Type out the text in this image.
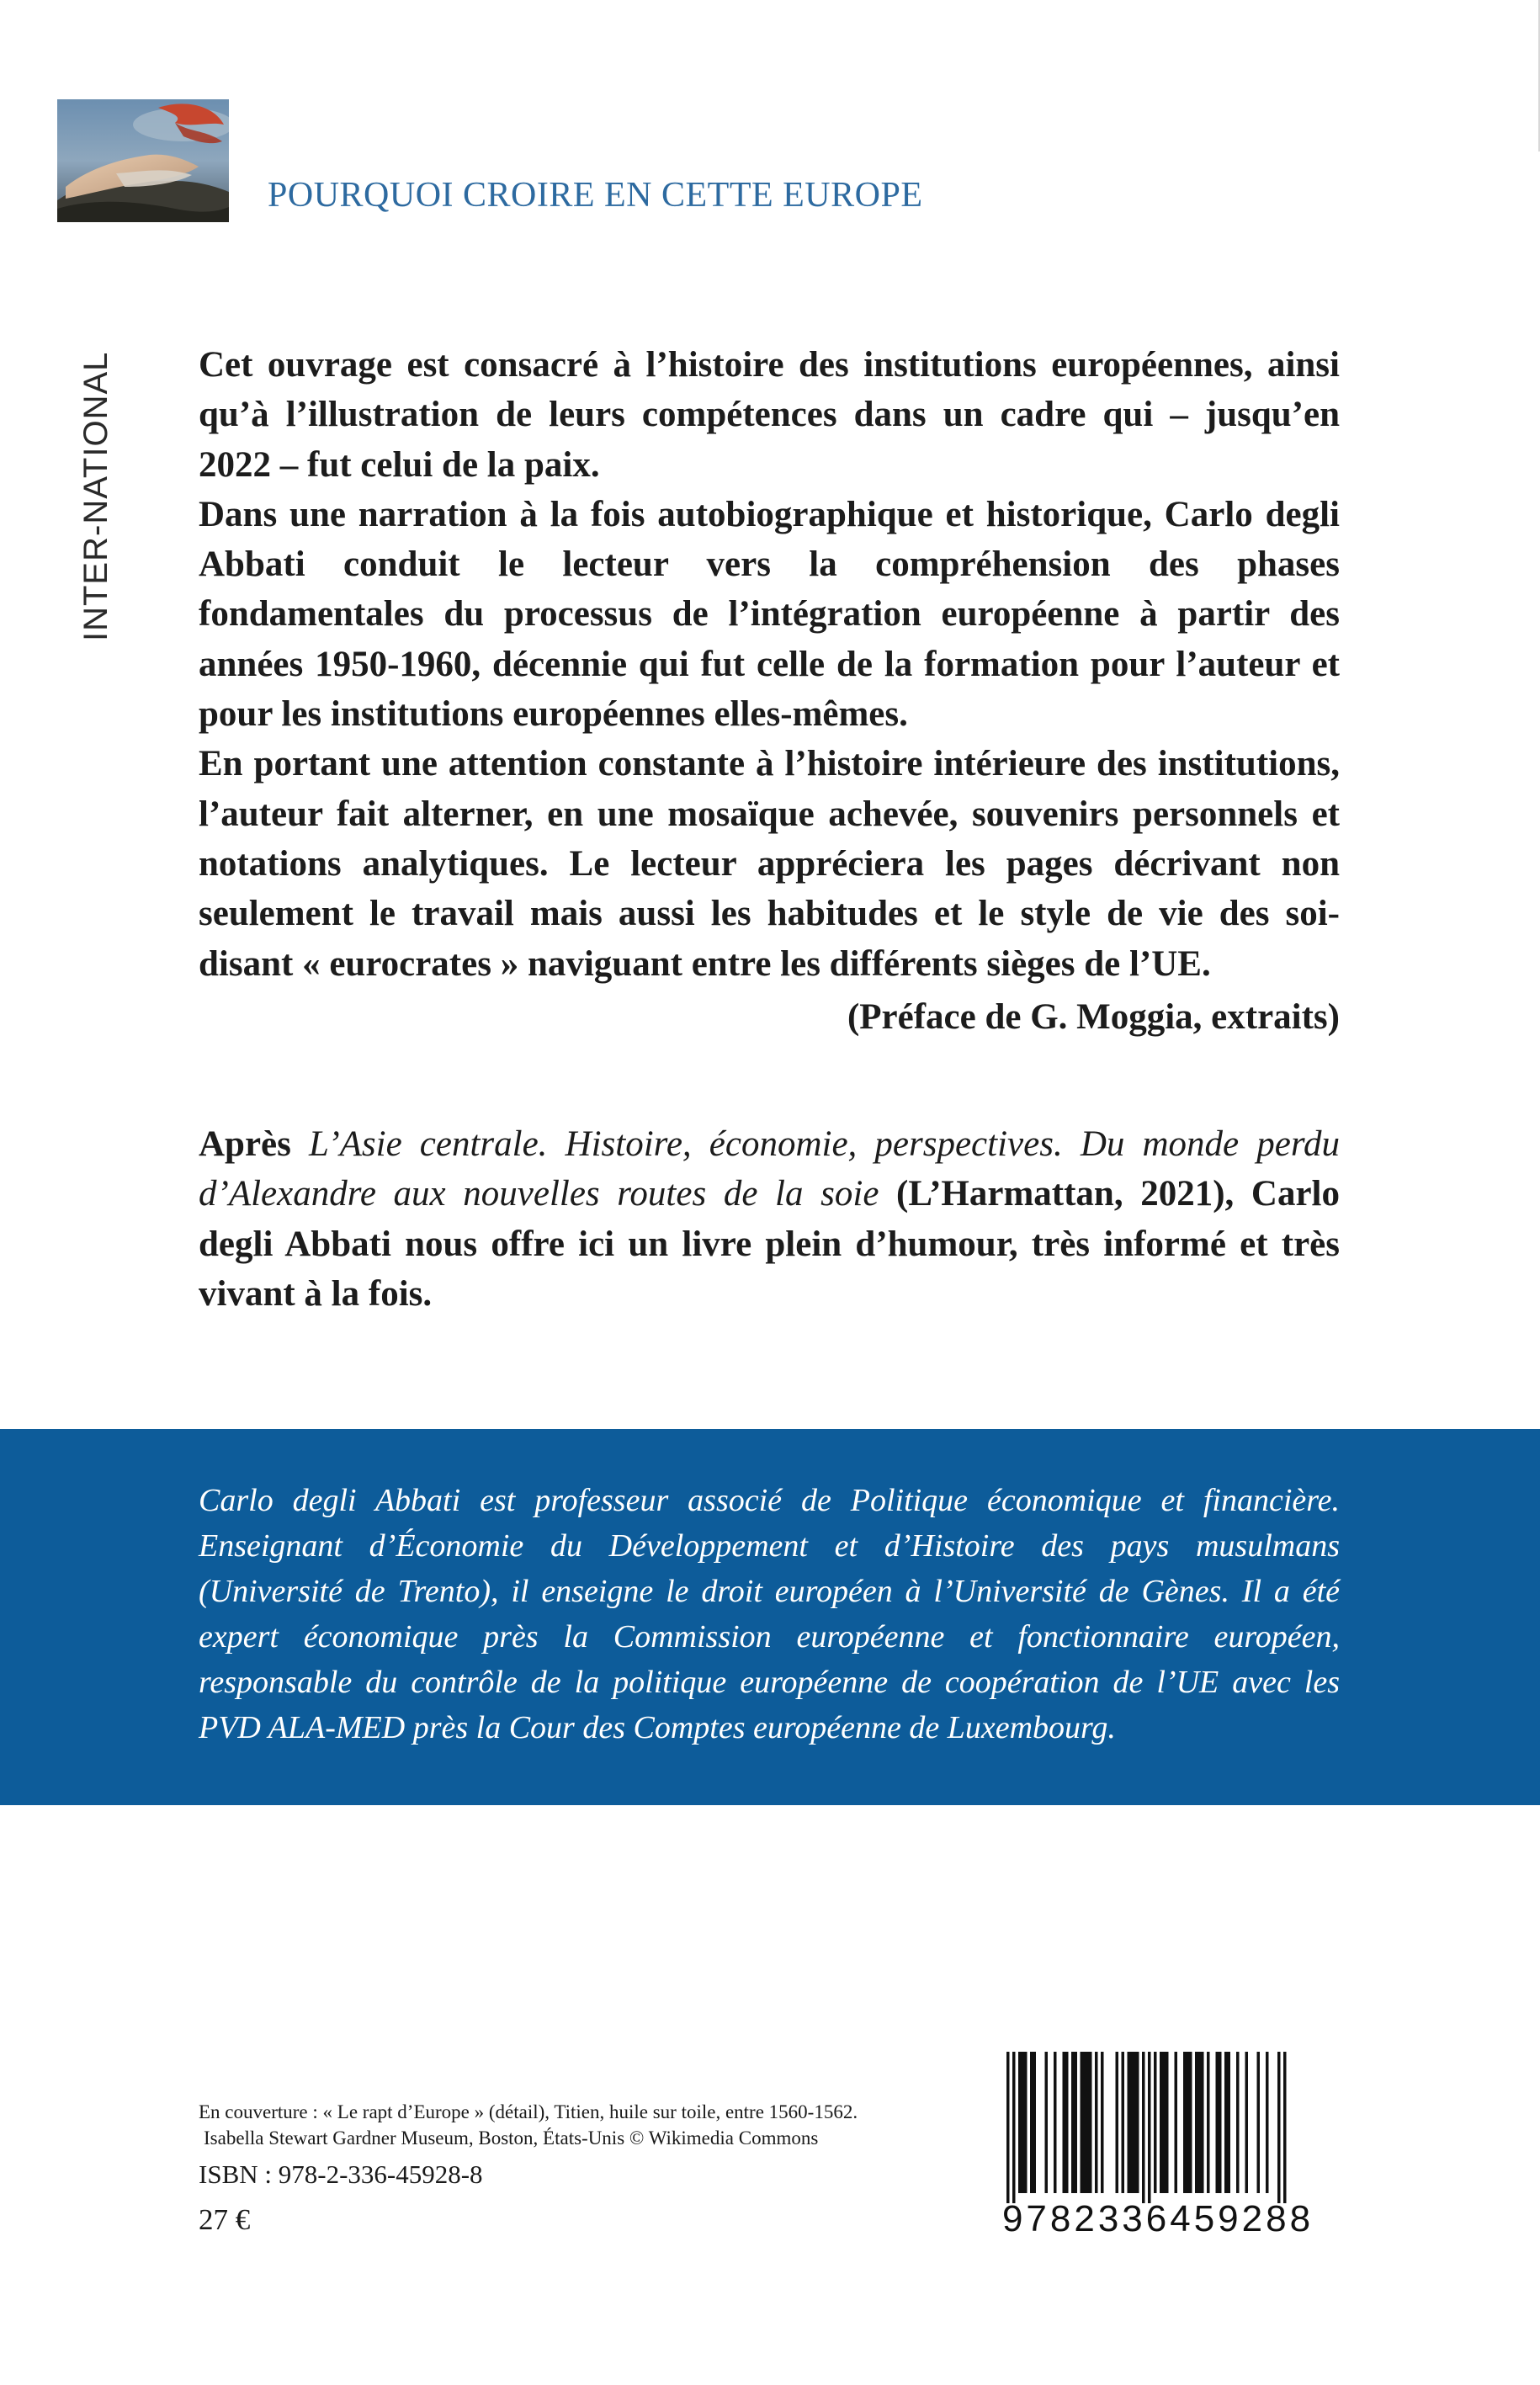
POURQUOI CROIRE EN CETTE EUROPE
INTER-NATIONAL Cet ouvrage est consacré à l’histoire des institutions européennes, ainsi qu’à l’illustration de leurs compétences dans un cadre qui – jusqu’en 2022 – fut celui de la paix.

Dans une narration à la fois autobiographique et historique, Carlo degli Abbati conduit le lecteur vers la compréhension des phases fondamentales du processus de l’intégration européenne à partir des années 1950-1960, décennie qui fut celle de la formation pour l’auteur et pour les institutions européennes elles-mêmes.

En portant une attention constante à l’histoire intérieure des institutions, l’auteur fait alterner, en une mosaïque achevée, souvenirs personnels et notations analytiques. Le lecteur appréciera les pages décrivant non seulement le travail mais aussi les habitudes et le style de vie des soi-disant « eurocrates » naviguant entre les différents sièges de l’UE.

(Préface de G. Moggia, extraits)

Après L’Asie centrale. Histoire, économie, perspectives. Du monde perdu d’Alexandre aux nouvelles routes de la soie (L’Harmattan, 2021), Carlo degli Abbati nous offre ici un livre plein d’humour, très informé et très vivant à la fois.

Carlo degli Abbati est professeur associé de Politique économique et financière. Enseignant d’Économie du Développement et d’Histoire des pays musulmans (Université de Trento), il enseigne le droit européen à l’Université de Gènes. Il a été expert économique près la Commission européenne et fonctionnaire européen, responsable du contrôle de la politique européenne de coopération de l’UE avec les PVD ALA-MED près la Cour des Comptes européenne de Luxembourg.

En couverture : « Le rapt d’Europe » (détail), Titien, huile sur toile, entre 1560-1562.

Isabella Stewart Gardner Museum, Boston, États-Unis © Wikimedia Commons

ISBN : 978-2-336-45928-8
27 €	9782336459288
